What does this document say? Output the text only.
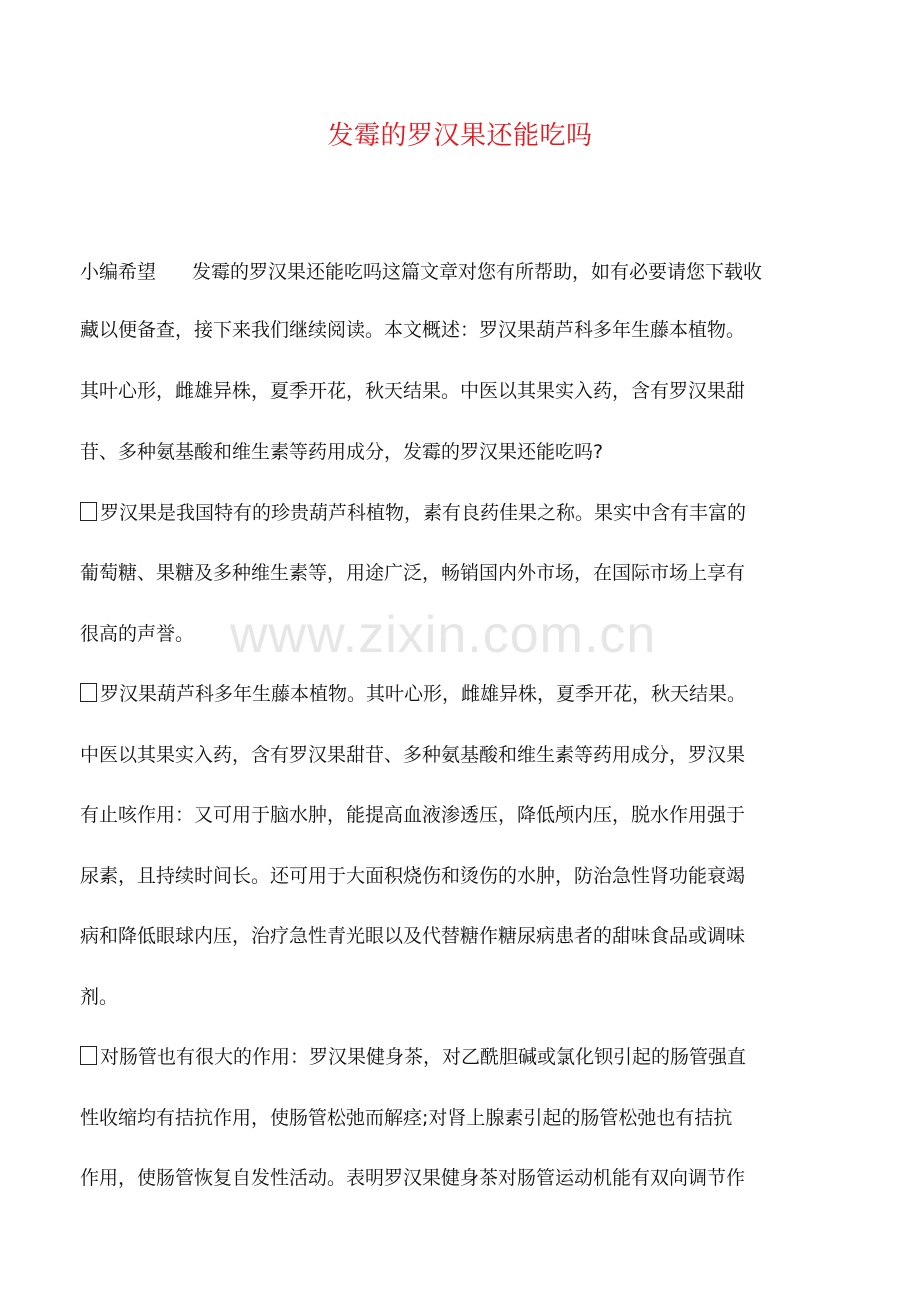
发霉的罗汉果还能吃吗
www.zixin.com.cn
小编希望 发霉的罗汉果还能吃吗这篇文章对您有所帮助，如有必要请您下载收
藏以便备查，接下来我们继续阅读。本文概述：罗汉果葫芦科多年生藤本植物。
其叶心形，雌雄异株，夏季开花，秋天结果。中医以其果实入药，含有罗汉果甜
苷、多种氨基酸和维生素等药用成分，发霉的罗汉果还能吃吗?
罗汉果是我国特有的珍贵葫芦科植物，素有良药佳果之称。果实中含有丰富的
葡萄糖、果糖及多种维生素等，用途广泛，畅销国内外市场，在国际市场上享有
很高的声誉。
罗汉果葫芦科多年生藤本植物。其叶心形，雌雄异株，夏季开花，秋天结果。
中医以其果实入药，含有罗汉果甜苷、多种氨基酸和维生素等药用成分，罗汉果
有止咳作用：又可用于脑水肿，能提高血液渗透压，降低颅内压，脱水作用强于
尿素，且持续时间长。还可用于大面积烧伤和烫伤的水肿，防治急性肾功能衰竭
病和降低眼球内压，治疗急性青光眼以及代替糖作糖尿病患者的甜味食品或调味
剂。
对肠管也有很大的作用：罗汉果健身茶，对乙酰胆碱或氯化钡引起的肠管强直
性收缩均有拮抗作用，使肠管松弛而解痉;对肾上腺素引起的肠管松弛也有拮抗
作用，使肠管恢复自发性活动。表明罗汉果健身茶对肠管运动机能有双向调节作
